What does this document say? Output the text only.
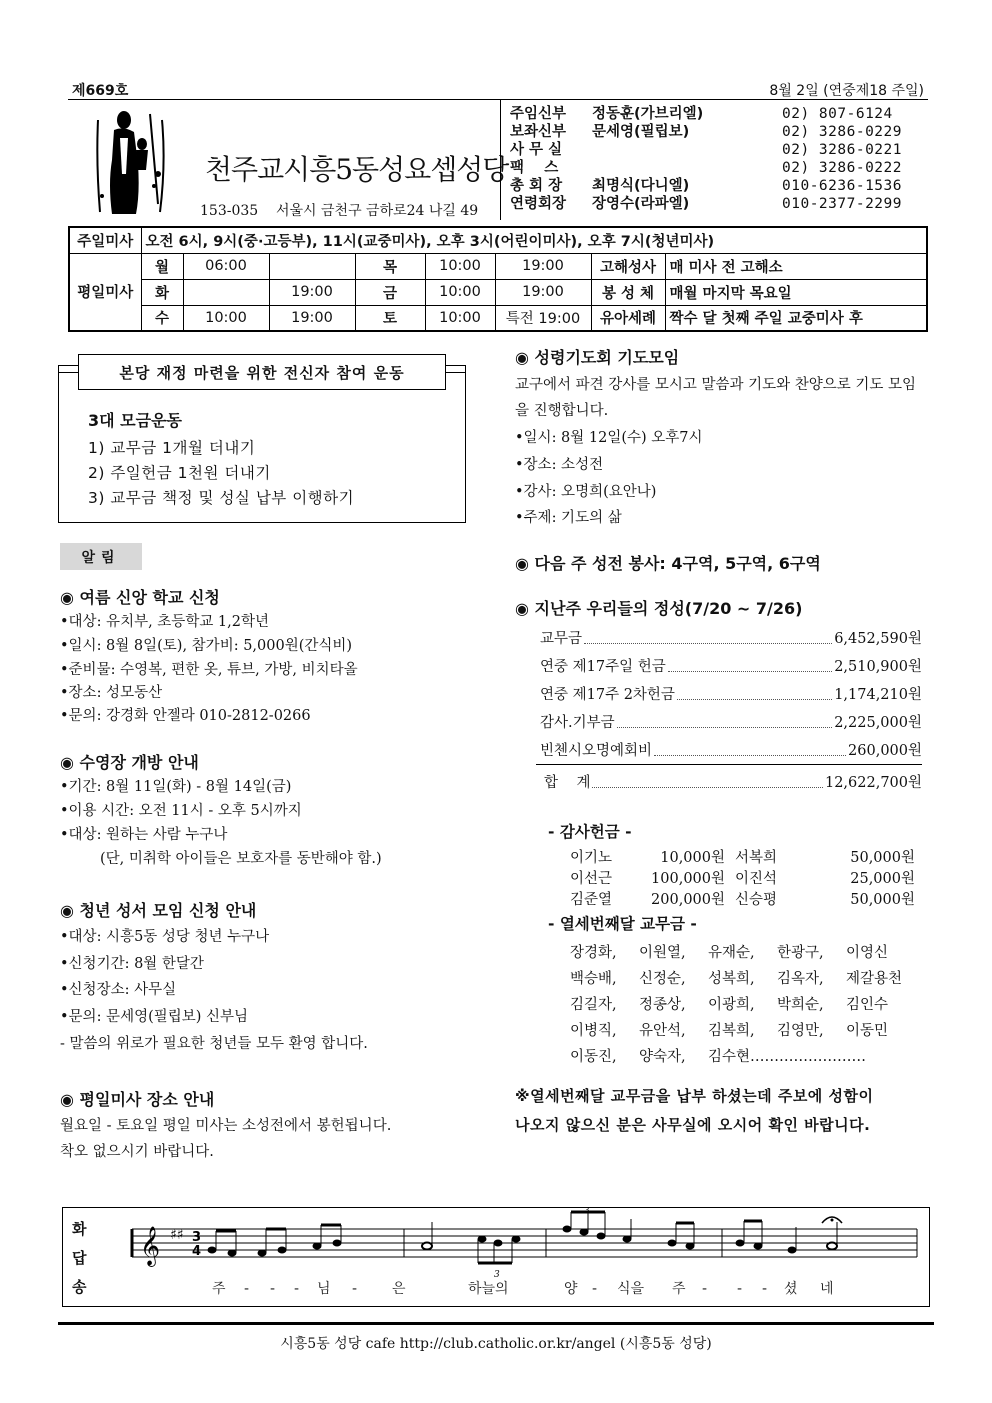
제669호	8월 2일 (연중제18 주일)
천주교시흥5동성요셉성당
153-035 서울시 금천구 금하로24 나길 49
주임신부	정동훈(가브리엘)	02) 807-6124
보좌신부	문세영(필립보)	02) 3286-0229
사 무 실	02) 3286-0221
팩    스	02) 3286-0222
총 회 장	최명식(다니엘)	010-6236-1536
연령회장	장영수(라파엘)	010-2377-2299
주일미사	오전 6시, 9시(중·고등부), 11시(교중미사), 오후 3시(어린이미사), 오후 7시(청년미사)							
평일미사	월	06:00		목	10:00	19:00	고해성사	매 미사 전 고해소
	화		19:00	금	10:00	19:00	봉 성 체	매월 마지막 목요일
	수	10:00	19:00	토	10:00	특전 19:00	유아세례	짝수 달 첫째 주일 교중미사 후
본당 재정 마련을 위한 전신자 참여 운동
3대 모금운동
1) 교무금 1개월 더내기
2) 주일헌금 1천원 더내기
3) 교무금 책정 및 성실 납부 이행하기
알림
◉ 여름 신앙 학교 신청
•대상: 유치부, 초등학교 1,2학년
•일시: 8월 8일(토), 참가비: 5,000원(간식비)
•준비물: 수영복, 편한 옷, 튜브, 가방, 비치타올
•장소: 성모동산
•문의: 강경화 안젤라 010-2812-0266
◉ 수영장 개방 안내
•기간: 8월 11일(화) - 8월 14일(금)
•이용 시간: 오전 11시 - 오후 5시까지
•대상: 원하는 사람 누구나
(단, 미취학 아이들은 보호자를 동반해야 함.)
◉ 청년 성서 모임 신청 안내
•대상: 시흥5동 성당 청년 누구나
•신청기간: 8월 한달간
•신청장소: 사무실
•문의: 문세영(필립보) 신부님
- 말씀의 위로가 필요한 청년들 모두 환영 합니다.
◉ 평일미사 장소 안내
월요일 - 토요일 평일 미사는 소성전에서 봉헌됩니다.
착오 없으시기 바랍니다.
◉ 성령기도회 기도모임
교구에서 파견 강사를 모시고 말씀과 기도와 찬양으로 기도 모임
을 진행합니다.
•일시: 8월 12일(수) 오후7시
•장소: 소성전
•강사: 오명희(요안나)
•주제: 기도의 삶
◉ 다음 주 성전 봉사: 4구역, 5구역, 6구역
◉ 지난주 우리들의 정성(7/20 ~ 7/26)
교무금	6,452,590원
연중 제17주일 헌금	2,510,900원
연중 제17주 2차헌금	1,174,210원
감사.기부금	2,225,000원
빈첸시오명예회비	260,000원
합    계	12,622,700원
- 감사헌금 -
이기노	10,000원 서복희	50,000원
이선근	100,000원 이진석	25,000원
김준열	200,000원 신승평	50,000원
- 열세번째달 교무금 -
장경화,	이원열,	유재순,	한광구,	이영신
백승배,	신정순,	성복희,	김옥자,	제갈용천
김길자,	정종상,	이광희,	박희순,	김인수
이병직,	유안석,	김복희,	김영만,	이동민
이동진,	양숙자,	김수현……………………
※열세번째달 교무금을 납부 하셨는데 주보에 성함이
나오지 않으신 분은 사무실에 오시어 확인 바랍니다.
화
답
송
𝄞 ♯♯ 3
4
3
3
주 - - - 님 - 은	하늘의	양 - 식을 주 - - - 셨 네
시흥5동 성당 cafe http://club.catholic.or.kr/angel (시흥5동 성당)
